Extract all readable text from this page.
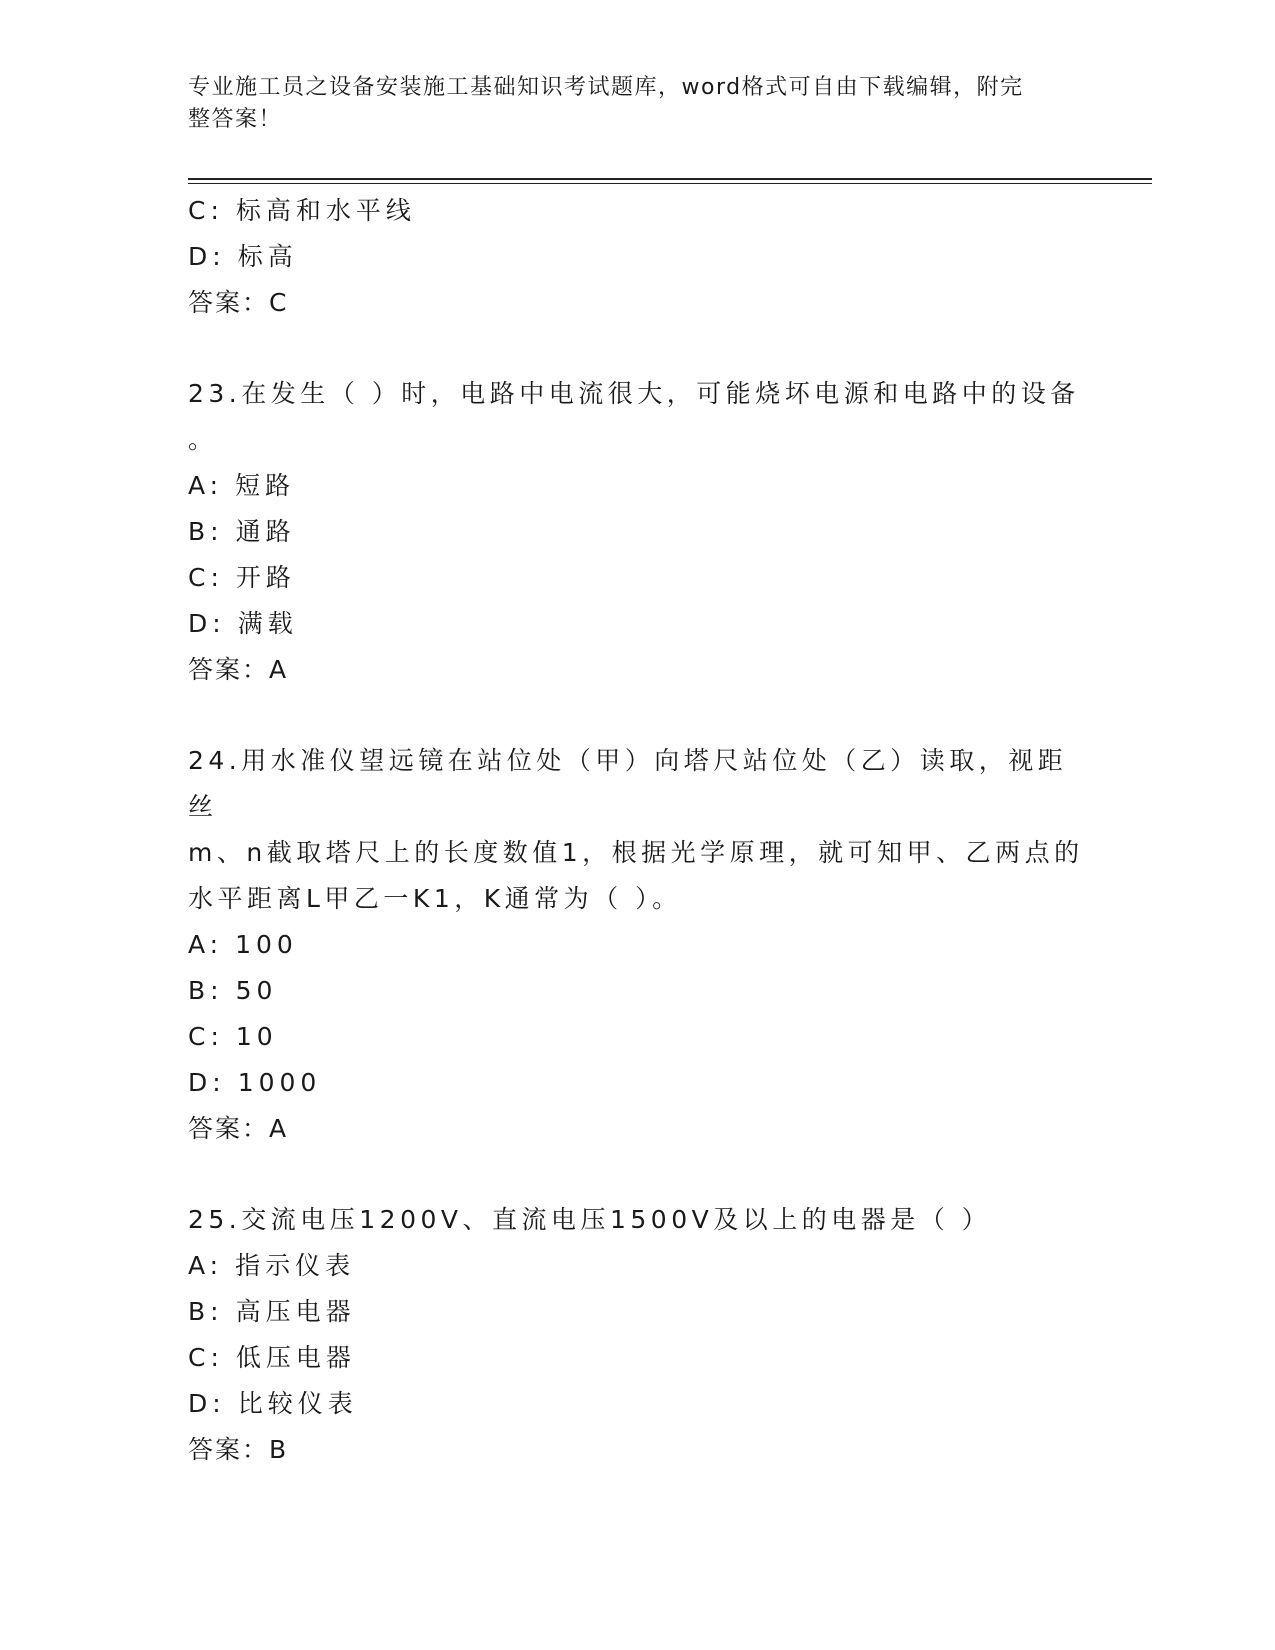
专业施工员之设备安装施工基础知识考试题库，word格式可自由下载编辑，附完
整答案！
C: 标高和水平线
D: 标高
答案：C
23.在发生（ ）时，电路中电流很大，可能烧坏电源和电路中的设备
。
A: 短路
B: 通路
C: 开路
D: 满载
答案：A
24.用水准仪望远镜在站位处（甲）向塔尺站位处（乙）读取，视距丝
m、n截取塔尺上的长度数值1，根据光学原理，就可知甲、乙两点的
水平距离L甲乙一K1，K通常为（ ）。
A: 100
B: 50
C: 10
D: 1000
答案：A
25.交流电压1200V、直流电压1500V及以上的电器是（ ）
A: 指示仪表
B: 高压电器
C: 低压电器
D: 比较仪表
答案：B
